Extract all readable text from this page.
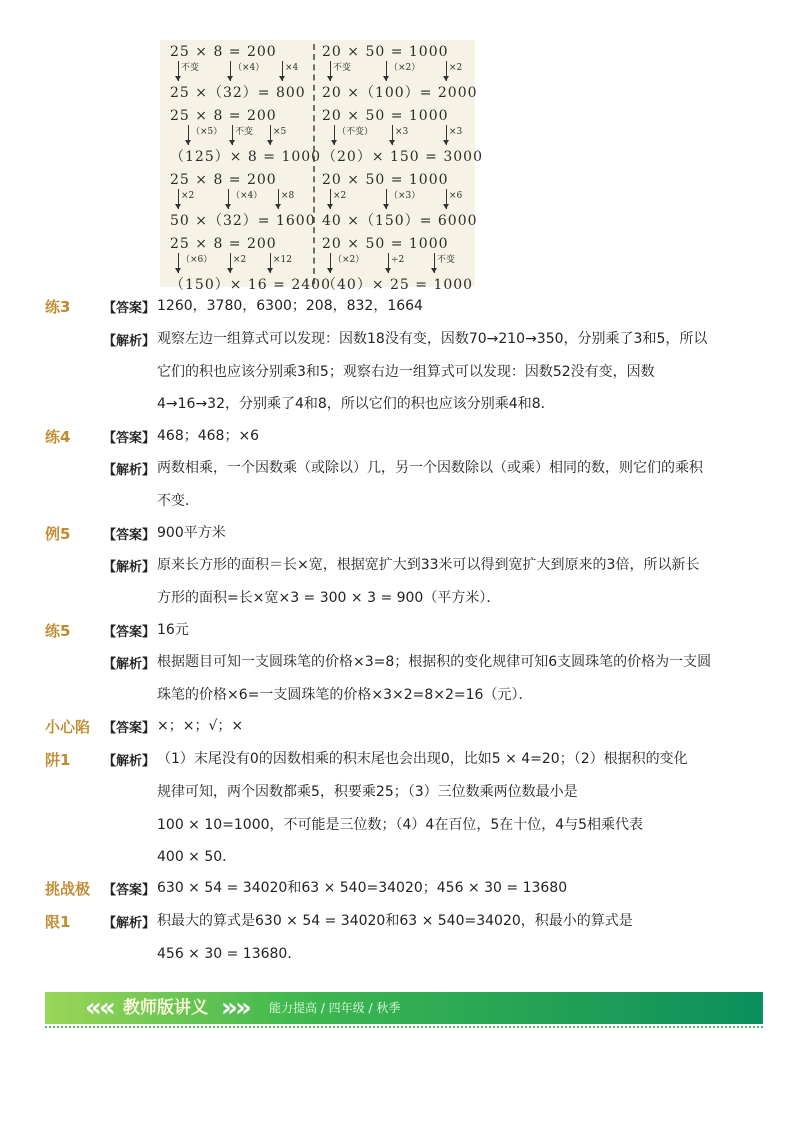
25 × 8 = 200
不变	（×4）	×4
25 ×（32）= 800
20 × 50 = 1000
不变	（×2）	×2
20 ×（100）= 2000
25 × 8 = 200
（×5）	不变	×5
（125）× 8 = 1000
20 × 50 = 1000
（不变）	×3	×3
（20）× 150 = 3000
25 × 8 = 200
×2	（×4）	×8
50 ×（32）= 1600
20 × 50 = 1000
×2	（×3）	×6
40 ×（150）= 6000
25 × 8 = 200
（×6）	×2	×12
（150）× 16 = 2400
20 × 50 = 1000
（×2）	÷2	不变
（40）× 25 = 1000
练3	【答案】 1260，3780，6300；208，832，1664
【解析】 观察左边一组算式可以发现：因数18没有变，因数70→210→350，分别乘了3和5，所以
它们的积也应该分别乘3和5；观察右边一组算式可以发现：因数52没有变，因数
4→16→32，分别乘了4和8，所以它们的积也应该分别乘4和8．
练4	【答案】 468；468；×6
【解析】 两数相乘，一个因数乘（或除以）几，另一个因数除以（或乘）相同的数，则它们的乘积
不变．
例5	【答案】 900平方米
【解析】 原来长方形的面积＝长×宽，根据宽扩大到33米可以得到宽扩大到原来的3倍，所以新长
方形的面积=长×宽×3 = 300 × 3 = 900（平方米）．
练5	【答案】 16元
【解析】 根据题目可知一支圆珠笔的价格×3=8；根据积的变化规律可知6支圆珠笔的价格为一支圆
珠笔的价格×6=一支圆珠笔的价格×3×2=8×2=16（元）．
小心陷
阱1
【答案】 ×；×；√；×
【解析】 （1）末尾没有0的因数相乘的积末尾也会出现0，比如5 × 4=20；（2）根据积的变化
规律可知，两个因数都乘5，积要乘25；（3）三位数乘两位数最小是
100 × 10=1000，不可能是三位数；（4）4在百位，5在十位，4与5相乘代表
400 × 50．
挑战极
限1
【答案】 630 × 54 = 34020和63 × 540=34020；456 × 30 = 13680
【解析】 积最大的算式是630 × 54 = 34020和63 × 540=34020，积最小的算式是
456 × 30 = 13680．
«
« 教师版讲义 »
» 能力提高 / 四年级 / 秋季
